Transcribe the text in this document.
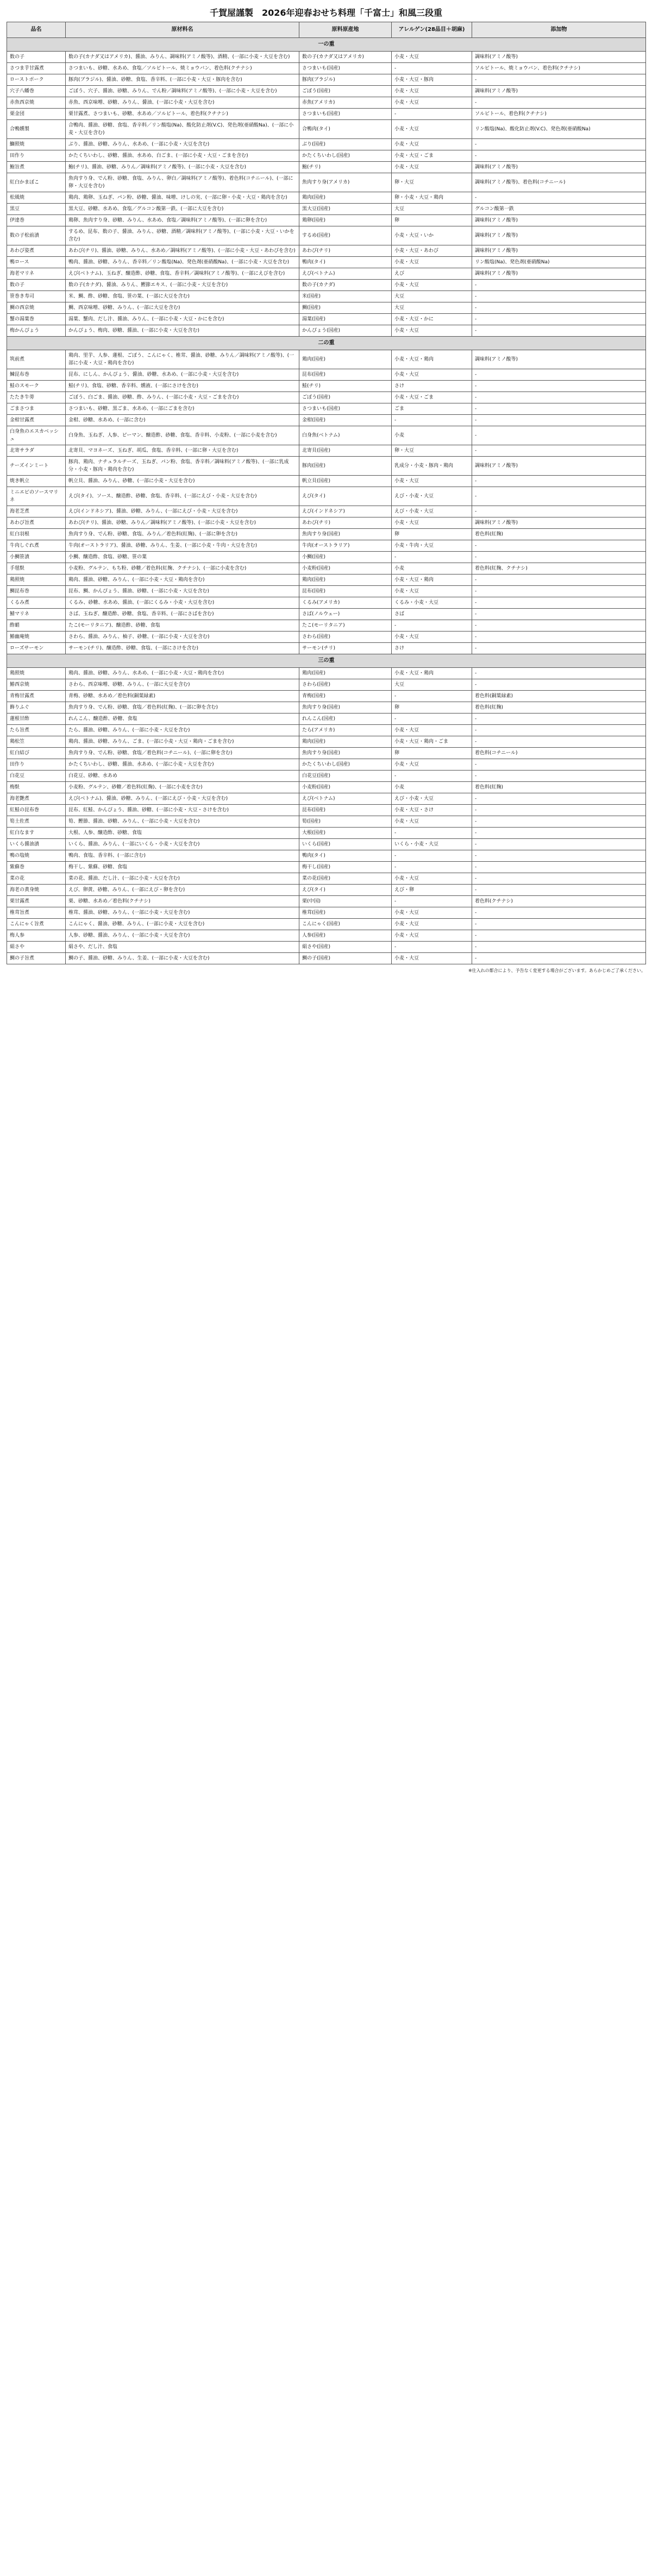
千賀屋謹製　2026年迎春おせち料理「千富士」和風三段重
品名	原材料名	原料原産地	アレルゲン(28品目＋胡麻)	添加物
一の重				
数の子	数の子(カナダ又はアメリカ)、醤油、みりん、調味料(アミノ酸等)、酒精、(一部に小麦・大豆を含む)	数の子(カナダ又はアメリカ)	小麦・大豆	調味料(アミノ酸等)
さつま芋甘露煮	さつまいも、砂糖、水あめ、食塩／ソルビトール、焼ミョウバン、着色料(クチナシ)	さつまいも(国産)	-	ソルビトール、焼ミョウバン、着色料(クチナシ)
ローストポーク	豚肉(ブラジル)、醤油、砂糖、食塩、香辛料、(一部に小麦・大豆・豚肉を含む)	豚肉(ブラジル)	小麦・大豆・豚肉	-
穴子八幡巻	ごぼう、穴子、醤油、砂糖、みりん、でん粉／調味料(アミノ酸等)、(一部に小麦・大豆を含む)	ごぼう(国産)	小麦・大豆	調味料(アミノ酸等)
赤魚西京焼	赤魚、西京味噌、砂糖、みりん、醤油、(一部に小麦・大豆を含む)	赤魚(アメリカ)	小麦・大豆	-
栗金団	栗甘露煮、さつまいも、砂糖、水あめ／ソルビトール、着色料(クチナシ)	さつまいも(国産)	-	ソルビトール、着色料(クチナシ)
合鴨燻製	合鴨肉、醤油、砂糖、食塩、香辛料／リン酸塩(Na)、酸化防止剤(V.C)、発色剤(亜硝酸Na)、(一部に小麦・大豆を含む)	合鴨肉(タイ)	小麦・大豆	リン酸塩(Na)、酸化防止剤(V.C)、発色剤(亜硝酸Na)
鰤照焼	ぶり、醤油、砂糖、みりん、水あめ、(一部に小麦・大豆を含む)	ぶり(国産)	小麦・大豆	-
田作り	かたくちいわし、砂糖、醤油、水あめ、白ごま、(一部に小麦・大豆・ごまを含む)	かたくちいわし(国産)	小麦・大豆・ごま	-
鮑旨煮	鮑(チリ)、醤油、砂糖、みりん／調味料(アミノ酸等)、(一部に小麦・大豆を含む)	鮑(チリ)	小麦・大豆	調味料(アミノ酸等)
紅白かまぼこ	魚肉すり身、でん粉、砂糖、食塩、みりん、卵白／調味料(アミノ酸等)、着色料(コチニール)、(一部に卵・大豆を含む)	魚肉すり身(アメリカ)	卵・大豆	調味料(アミノ酸等)、着色料(コチニール)
松風焼	鶏肉、鶏卵、玉ねぎ、パン粉、砂糖、醤油、味噌、けしの実、(一部に卵・小麦・大豆・鶏肉を含む)	鶏肉(国産)	卵・小麦・大豆・鶏肉	-
黒豆	黒大豆、砂糖、水あめ、食塩／グルコン酸第一鉄、(一部に大豆を含む)	黒大豆(国産)	大豆	グルコン酸第一鉄
伊達巻	鶏卵、魚肉すり身、砂糖、みりん、水あめ、食塩／調味料(アミノ酸等)、(一部に卵を含む)	鶏卵(国産)	卵	調味料(アミノ酸等)
数の子松前漬	するめ、昆布、数の子、醤油、みりん、砂糖、酒精／調味料(アミノ酸等)、(一部に小麦・大豆・いかを含む)	するめ(国産)	小麦・大豆・いか	調味料(アミノ酸等)
あわび姿煮	あわび(チリ)、醤油、砂糖、みりん、水あめ／調味料(アミノ酸等)、(一部に小麦・大豆・あわびを含む)	あわび(チリ)	小麦・大豆・あわび	調味料(アミノ酸等)
鴨ロース	鴨肉、醤油、砂糖、みりん、香辛料／リン酸塩(Na)、発色剤(亜硝酸Na)、(一部に小麦・大豆を含む)	鴨肉(タイ)	小麦・大豆	リン酸塩(Na)、発色剤(亜硝酸Na)
海老マリネ	えび(ベトナム)、玉ねぎ、醸造酢、砂糖、食塩、香辛料／調味料(アミノ酸等)、(一部にえびを含む)	えび(ベトナム)	えび	調味料(アミノ酸等)
数の子	数の子(カナダ)、醤油、みりん、鰹節エキス、(一部に小麦・大豆を含む)	数の子(カナダ)	小麦・大豆	-
笹巻き寿司	米、鯛、酢、砂糖、食塩、笹の葉、(一部に大豆を含む)	米(国産)	大豆	-
鯛の西京焼	鯛、西京味噌、砂糖、みりん、(一部に大豆を含む)	鯛(国産)	大豆	-
蟹の湯葉巻	湯葉、蟹肉、だし汁、醤油、みりん、(一部に小麦・大豆・かにを含む)	湯葉(国産)	小麦・大豆・かに	-
梅かんぴょう	かんぴょう、梅肉、砂糖、醤油、(一部に小麦・大豆を含む)	かんぴょう(国産)	小麦・大豆	-
二の重				
筑前煮	鶏肉、里芋、人参、蓮根、ごぼう、こんにゃく、椎茸、醤油、砂糖、みりん／調味料(アミノ酸等)、(一部に小麦・大豆・鶏肉を含む)	鶏肉(国産)	小麦・大豆・鶏肉	調味料(アミノ酸等)
鰊昆布巻	昆布、にしん、かんぴょう、醤油、砂糖、水あめ、(一部に小麦・大豆を含む)	昆布(国産)	小麦・大豆	-
鮭のスモーク	鮭(チリ)、食塩、砂糖、香辛料、燻液、(一部にさけを含む)	鮭(チリ)	さけ	-
たたき牛蒡	ごぼう、白ごま、醤油、砂糖、酢、みりん、(一部に小麦・大豆・ごまを含む)	ごぼう(国産)	小麦・大豆・ごま	-
ごまさつま	さつまいも、砂糖、黒ごま、水あめ、(一部にごまを含む)	さつまいも(国産)	ごま	-
金柑甘露煮	金柑、砂糖、水あめ、(一部に含む)	金柑(国産)	-	-
白身魚のエスカベッシュ	白身魚、玉ねぎ、人参、ピーマン、醸造酢、砂糖、食塩、香辛料、小麦粉、(一部に小麦を含む)	白身魚(ベトナム)	小麦	-
北寄サラダ	北寄貝、マヨネーズ、玉ねぎ、胡瓜、食塩、香辛料、(一部に卵・大豆を含む)	北寄貝(国産)	卵・大豆	-
チーズインミート	豚肉、鶏肉、ナチュラルチーズ、玉ねぎ、パン粉、食塩、香辛料／調味料(アミノ酸等)、(一部に乳成分・小麦・豚肉・鶏肉を含む)	豚肉(国産)	乳成分・小麦・豚肉・鶏肉	調味料(アミノ酸等)
焼き帆立	帆立貝、醤油、みりん、砂糖、(一部に小麦・大豆を含む)	帆立貝(国産)	小麦・大豆	-
ミニエビのソースマリネ	えび(タイ)、ソース、醸造酢、砂糖、食塩、香辛料、(一部にえび・小麦・大豆を含む)	えび(タイ)	えび・小麦・大豆	-
海老芝煮	えび(インドネシア)、醤油、砂糖、みりん、(一部にえび・小麦・大豆を含む)	えび(インドネシア)	えび・小麦・大豆	-
あわび旨煮	あわび(チリ)、醤油、砂糖、みりん／調味料(アミノ酸等)、(一部に小麦・大豆を含む)	あわび(チリ)	小麦・大豆	調味料(アミノ酸等)
紅白羽根	魚肉すり身、でん粉、砂糖、食塩、みりん／着色料(紅麹)、(一部に卵を含む)	魚肉すり身(国産)	卵	着色料(紅麹)
牛肉しぐれ煮	牛肉(オーストラリア)、醤油、砂糖、みりん、生姜、(一部に小麦・牛肉・大豆を含む)	牛肉(オーストラリア)	小麦・牛肉・大豆	-
小鯛笹漬	小鯛、醸造酢、食塩、砂糖、笹の葉	小鯛(国産)	-	-
手毬麩	小麦粉、グルテン、もち粉、砂糖／着色料(紅麹、クチナシ)、(一部に小麦を含む)	小麦粉(国産)	小麦	着色料(紅麹、クチナシ)
鶏照焼	鶏肉、醤油、砂糖、みりん、(一部に小麦・大豆・鶏肉を含む)	鶏肉(国産)	小麦・大豆・鶏肉	-
鯛昆布巻	昆布、鯛、かんぴょう、醤油、砂糖、(一部に小麦・大豆を含む)	昆布(国産)	小麦・大豆	-
くるみ煮	くるみ、砂糖、水あめ、醤油、(一部にくるみ・小麦・大豆を含む)	くるみ(アメリカ)	くるみ・小麦・大豆	-
鯖マリネ	さば、玉ねぎ、醸造酢、砂糖、食塩、香辛料、(一部にさばを含む)	さば(ノルウェー)	さば	-
酢蛸	たこ(モーリタニア)、醸造酢、砂糖、食塩	たこ(モーリタニア)	-	-
鰆幽庵焼	さわら、醤油、みりん、柚子、砂糖、(一部に小麦・大豆を含む)	さわら(国産)	小麦・大豆	-
ローズサーモン	サーモン(チリ)、醸造酢、砂糖、食塩、(一部にさけを含む)	サーモン(チリ)	さけ	-
三の重				
鶏照焼	鶏肉、醤油、砂糖、みりん、水あめ、(一部に小麦・大豆・鶏肉を含む)	鶏肉(国産)	小麦・大豆・鶏肉	-
鰆西京焼	さわら、西京味噌、砂糖、みりん、(一部に大豆を含む)	さわら(国産)	大豆	-
青梅甘露煮	青梅、砂糖、水あめ／着色料(銅葉緑素)	青梅(国産)	-	着色料(銅葉緑素)
飾りふぐ	魚肉すり身、でん粉、砂糖、食塩／着色料(紅麹)、(一部に卵を含む)	魚肉すり身(国産)	卵	着色料(紅麹)
蓮根甘酢	れんこん、醸造酢、砂糖、食塩	れんこん(国産)	-	-
たら旨煮	たら、醤油、砂糖、みりん、(一部に小麦・大豆を含む)	たら(アメリカ)	小麦・大豆	-
鶏松笠	鶏肉、醤油、砂糖、みりん、ごま、(一部に小麦・大豆・鶏肉・ごまを含む)	鶏肉(国産)	小麦・大豆・鶏肉・ごま	-
紅白結び	魚肉すり身、でん粉、砂糖、食塩／着色料(コチニール)、(一部に卵を含む)	魚肉すり身(国産)	卵	着色料(コチニール)
田作り	かたくちいわし、砂糖、醤油、水あめ、(一部に小麦・大豆を含む)	かたくちいわし(国産)	小麦・大豆	-
白花豆	白花豆、砂糖、水あめ	白花豆(国産)	-	-
梅麩	小麦粉、グルテン、砂糖／着色料(紅麹)、(一部に小麦を含む)	小麦粉(国産)	小麦	着色料(紅麹)
海老艶煮	えび(ベトナム)、醤油、砂糖、みりん、(一部にえび・小麦・大豆を含む)	えび(ベトナム)	えび・小麦・大豆	-
紅鮭の昆布巻	昆布、紅鮭、かんぴょう、醤油、砂糖、(一部に小麦・大豆・さけを含む)	昆布(国産)	小麦・大豆・さけ	-
筍土佐煮	筍、鰹節、醤油、砂糖、みりん、(一部に小麦・大豆を含む)	筍(国産)	小麦・大豆	-
紅白なます	大根、人参、醸造酢、砂糖、食塩	大根(国産)	-	-
いくら醤油漬	いくら、醤油、みりん、(一部にいくら・小麦・大豆を含む)	いくら(国産)	いくら・小麦・大豆	-
鴨の塩焼	鴨肉、食塩、香辛料、(一部に含む)	鴨肉(タイ)	-	-
紫蘇巻	梅干し、紫蘇、砂糖、食塩	梅干し(国産)	-	-
菜の花	菜の花、醤油、だし汁、(一部に小麦・大豆を含む)	菜の花(国産)	小麦・大豆	-
海老の黄身焼	えび、卵黄、砂糖、みりん、(一部にえび・卵を含む)	えび(タイ)	えび・卵	-
栗甘露煮	栗、砂糖、水あめ／着色料(クチナシ)	栗(中国)	-	着色料(クチナシ)
椎茸旨煮	椎茸、醤油、砂糖、みりん、(一部に小麦・大豆を含む)	椎茸(国産)	小麦・大豆	-
こんにゃく旨煮	こんにゃく、醤油、砂糖、みりん、(一部に小麦・大豆を含む)	こんにゃく(国産)	小麦・大豆	-
梅人参	人参、砂糖、醤油、みりん、(一部に小麦・大豆を含む)	人参(国産)	小麦・大豆	-
絹さや	絹さや、だし汁、食塩	絹さや(国産)	-	-
鯛の子旨煮	鯛の子、醤油、砂糖、みりん、生姜、(一部に小麦・大豆を含む)	鯛の子(国産)	小麦・大豆	-
※仕入れの都合により、予告なく変更する場合がございます。あらかじめご了承ください。
